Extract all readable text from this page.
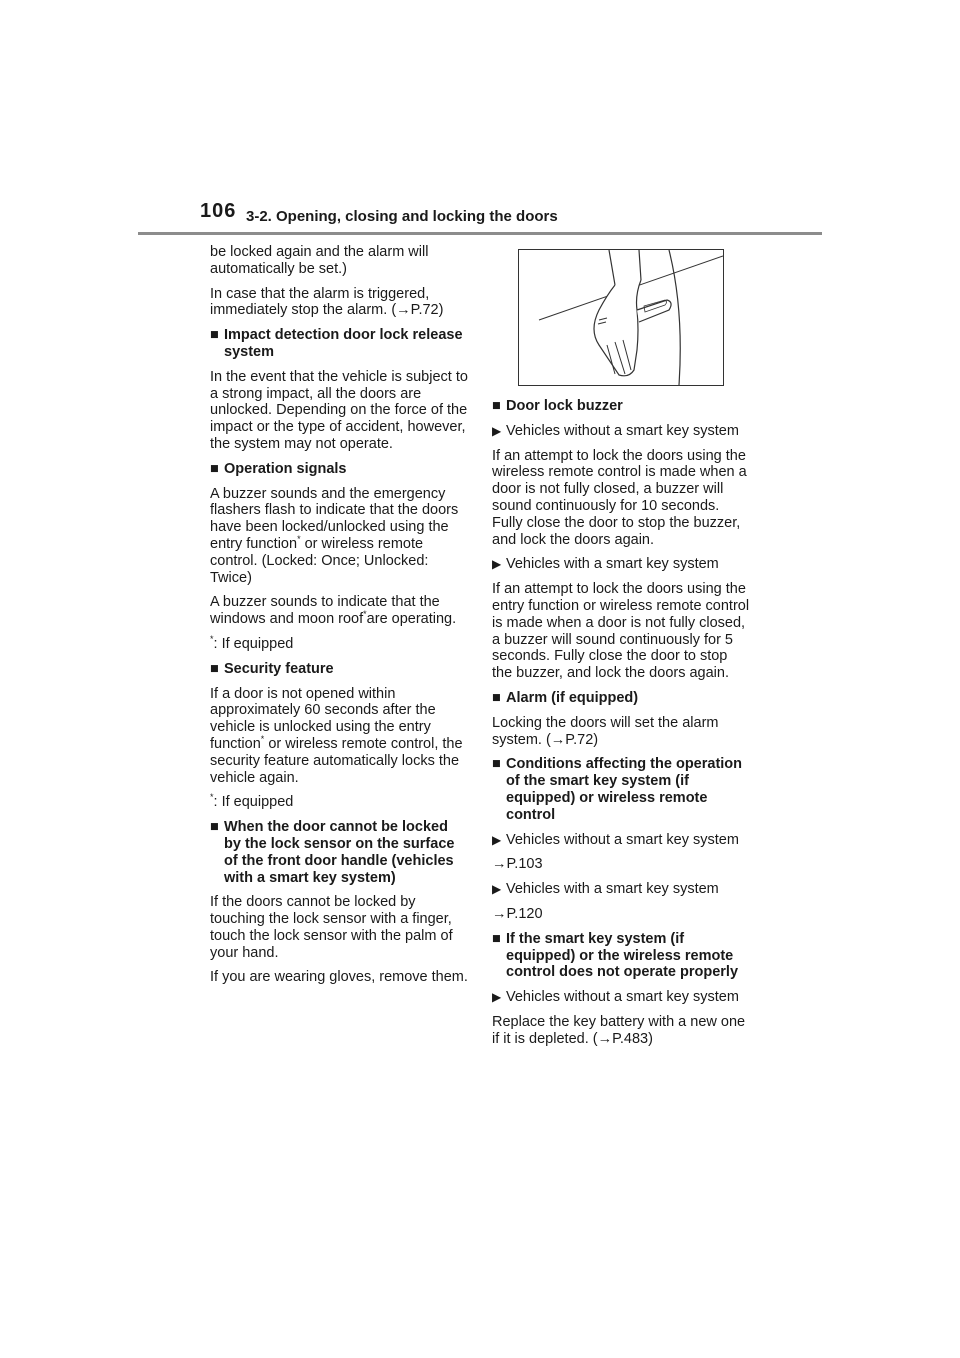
106 3-2. Opening, closing and locking the doors

be locked again and the alarm will automatically be set.)

In case that the alarm is triggered, immediately stop the alarm. (→P.72)

■ Impact detection door lock release system

In the event that the vehicle is subject to a strong impact, all the doors are unlocked. Depending on the force of the impact or the type of accident, however, the system may not operate.

■ Operation signals

A buzzer sounds and the emergency flashers flash to indicate that the doors have been locked/unlocked using the entry function* or wireless remote control. (Locked: Once; Unlocked: Twice)

A buzzer sounds to indicate that the windows and moon roof*are operating.

*: If equipped

■ Security feature

If a door is not opened within approximately 60 seconds after the vehicle is unlocked using the entry function* or wireless remote control, the security feature automatically locks the vehicle again.

*: If equipped

■ When the door cannot be locked by the lock sensor on the surface of the front door handle (vehicles with a smart key system)

If the doors cannot be locked by touching the lock sensor with a finger, touch the lock sensor with the palm of your hand.

If you are wearing gloves, remove them.

■ Door lock buzzer

▶ Vehicles without a smart key system

If an attempt to lock the doors using the wireless remote control is made when a door is not fully closed, a buzzer will sound continuously for 10 seconds. Fully close the door to stop the buzzer, and lock the doors again.

▶ Vehicles with a smart key system

If an attempt to lock the doors using the entry function or wireless remote control is made when a door is not fully closed, a buzzer will sound continuously for 5 seconds. Fully close the door to stop the buzzer, and lock the doors again.

■ Alarm (if equipped)

Locking the doors will set the alarm system. (→P.72)

■ Conditions affecting the operation of the smart key system (if equipped) or wireless remote control

▶ Vehicles without a smart key system

→P.103

▶ Vehicles with a smart key system

→P.120

■ If the smart key system (if equipped) or the wireless remote control does not operate properly

▶ Vehicles without a smart key system

Replace the key battery with a new one if it is depleted. (→P.483)
